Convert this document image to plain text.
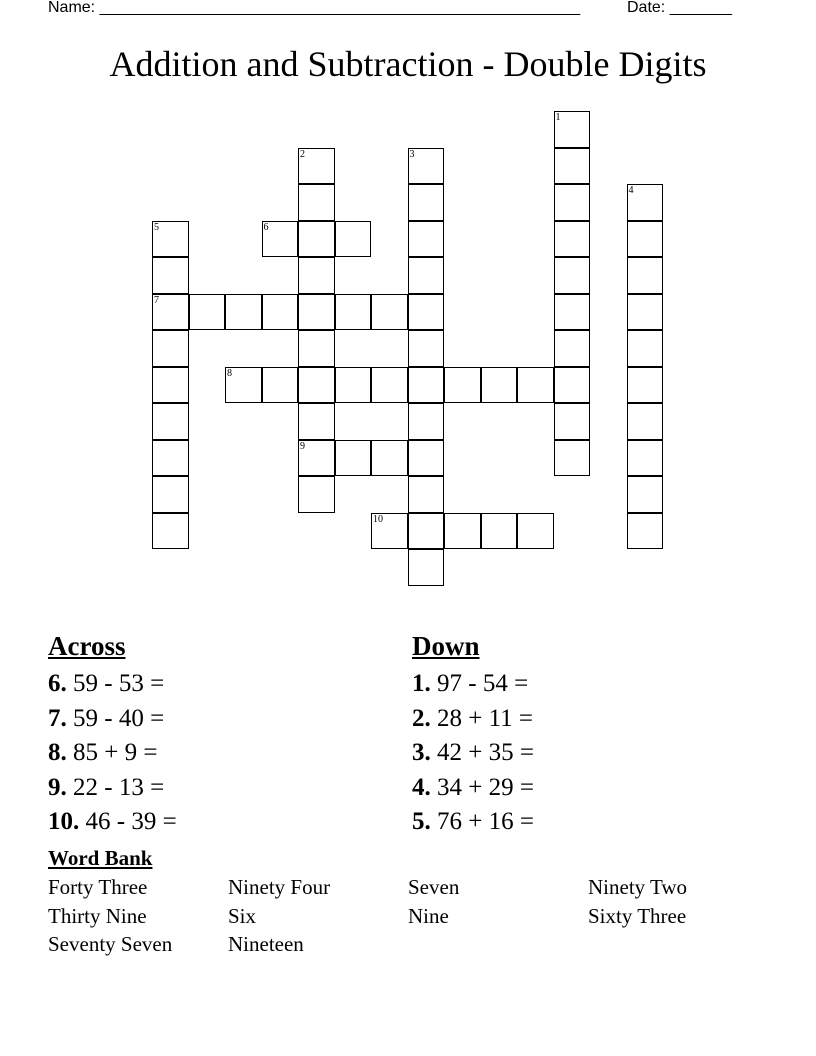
Name: ______________________________________________________	Date: _______
Addition and Subtraction - Double Digits
1
2
9
3
4
5
7
6
8
10
Across
6. 59 - 53 =
7. 59 - 40 =
8. 85 + 9 =
9. 22 - 13 =
10. 46 - 39 =
Down
1. 97 - 54 =
2. 28 + 11 =
3. 42 + 35 =
4. 34 + 29 =
5. 76 + 16 =
Word Bank
Forty Three	Ninety Four	Seven	Ninety Two
Thirty Nine	Six	Nine	Sixty Three
Seventy Seven	Nineteen
